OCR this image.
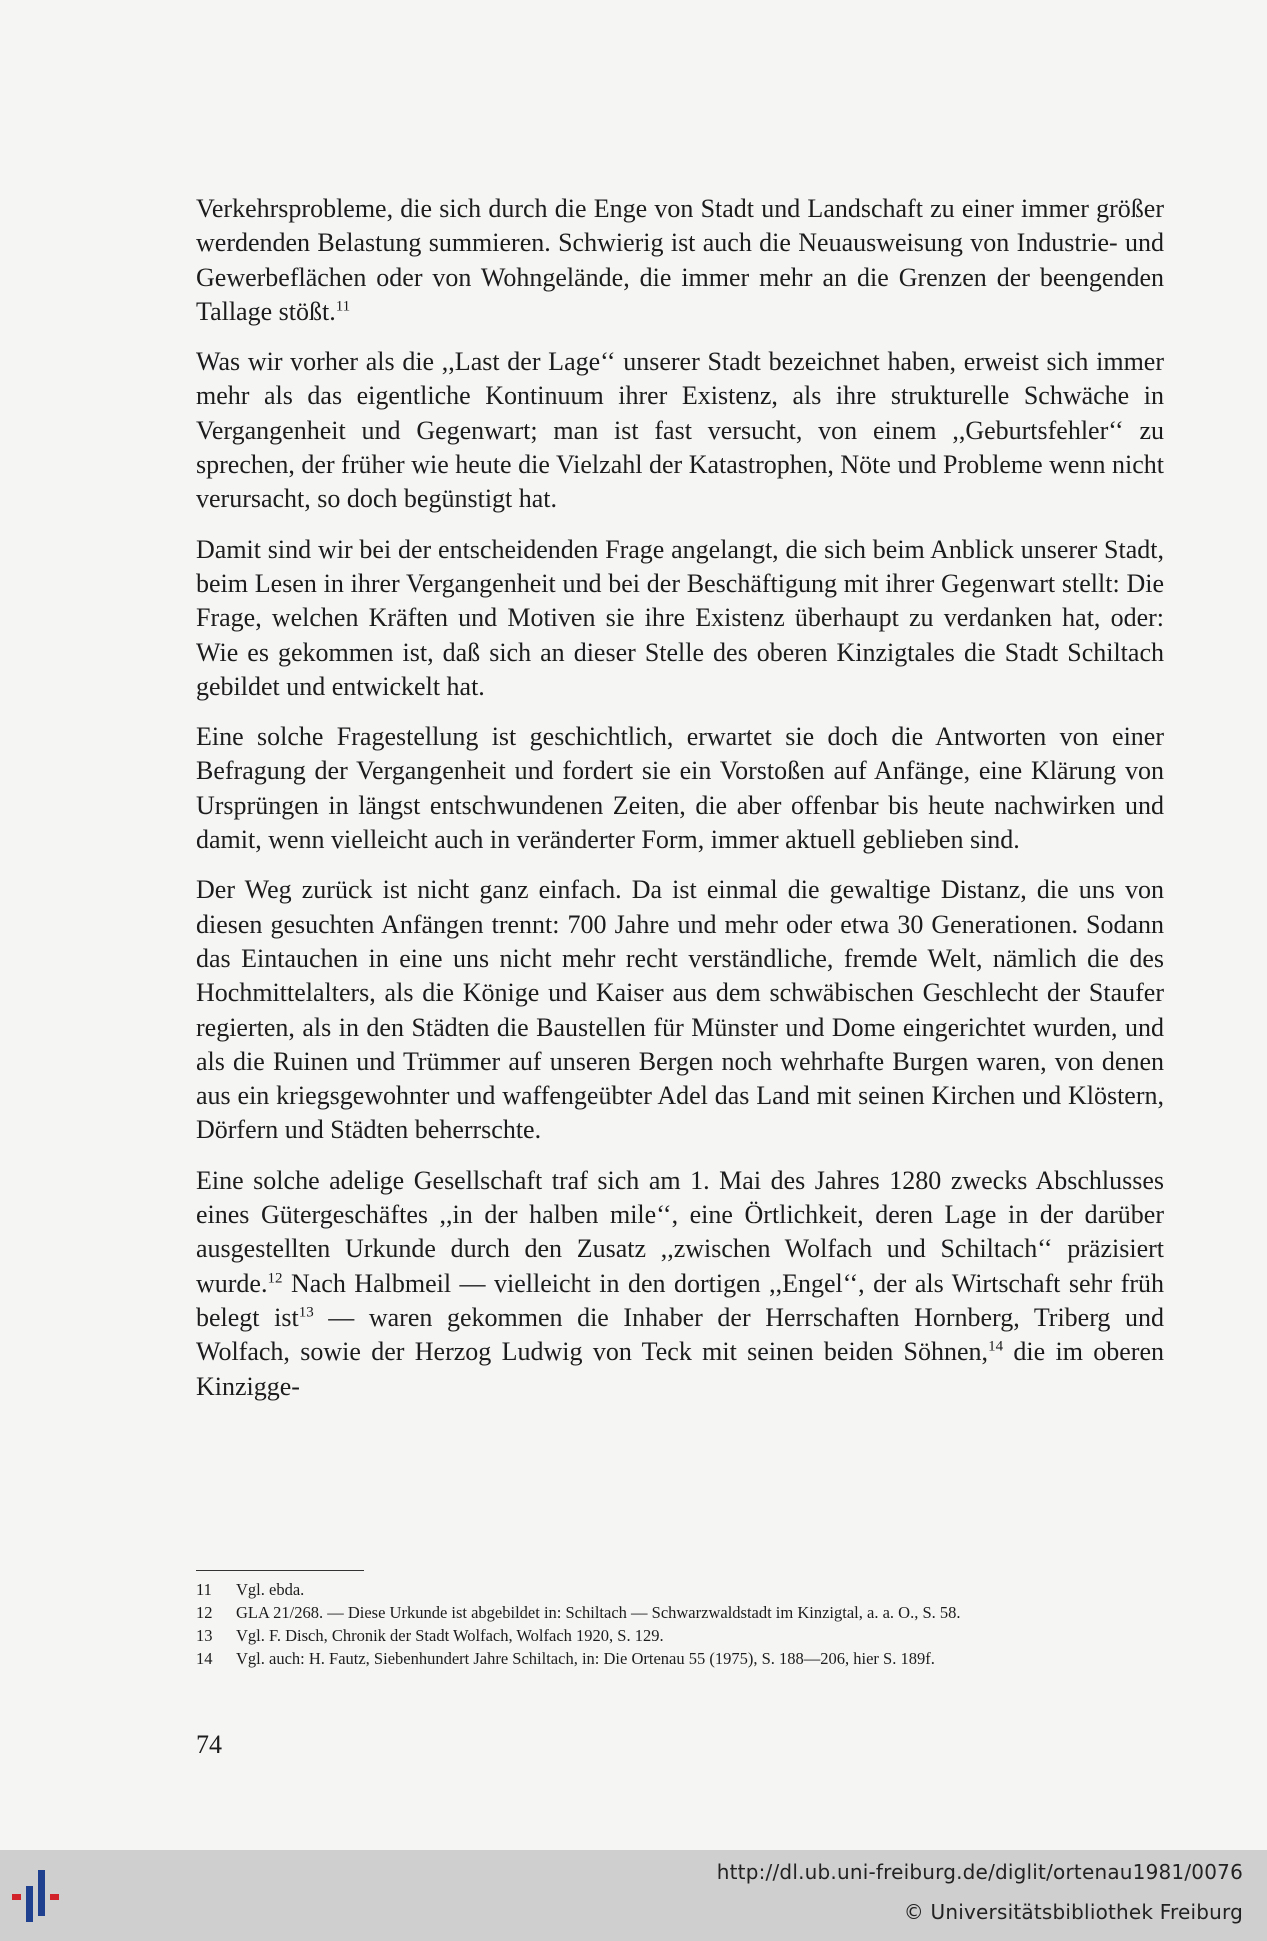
Verkehrsprobleme, die sich durch die Enge von Stadt und Landschaft zu einer immer größer werdenden Belastung summieren. Schwierig ist auch die Neuausweisung von Industrie- und Gewerbeflächen oder von Wohngelände, die immer mehr an die Grenzen der beengenden Tallage stößt.$^{11}$

Was wir vorher als die ,,Last der Lage‘‘ unserer Stadt bezeichnet haben, erweist sich immer mehr als das eigentliche Kontinuum ihrer Existenz, als ihre strukturelle Schwäche in Vergangenheit und Gegenwart; man ist fast versucht, von einem ,,Geburtsfehler‘‘ zu sprechen, der früher wie heute die Vielzahl der Katastrophen, Nöte und Probleme wenn nicht verursacht, so doch begünstigt hat.

Damit sind wir bei der entscheidenden Frage angelangt, die sich beim Anblick unserer Stadt, beim Lesen in ihrer Vergangenheit und bei der Beschäftigung mit ihrer Gegenwart stellt: Die Frage, welchen Kräften und Motiven sie ihre Existenz überhaupt zu verdanken hat, oder: Wie es gekommen ist, daß sich an dieser Stelle des oberen Kinzigtales die Stadt Schiltach gebildet und entwickelt hat.

Eine solche Fragestellung ist geschichtlich, erwartet sie doch die Antworten von einer Befragung der Vergangenheit und fordert sie ein Vorstoßen auf Anfänge, eine Klärung von Ursprüngen in längst entschwundenen Zeiten, die aber offenbar bis heute nachwirken und damit, wenn vielleicht auch in veränderter Form, immer aktuell geblieben sind.

Der Weg zurück ist nicht ganz einfach. Da ist einmal die gewaltige Distanz, die uns von diesen gesuchten Anfängen trennt: 700 Jahre und mehr oder etwa 30 Generationen. Sodann das Eintauchen in eine uns nicht mehr recht verständliche, fremde Welt, nämlich die des Hochmittelalters, als die Könige und Kaiser aus dem schwäbischen Geschlecht der Staufer regierten, als in den Städten die Baustellen für Münster und Dome eingerichtet wurden, und als die Ruinen und Trümmer auf unseren Bergen noch wehrhafte Burgen waren, von denen aus ein kriegsgewohnter und waffengeübter Adel das Land mit seinen Kirchen und Klöstern, Dörfern und Städten beherrschte.

Eine solche adelige Gesellschaft traf sich am 1. Mai des Jahres 1280 zwecks Abschlusses eines Gütergeschäftes ,,in der halben mile‘‘, eine Örtlichkeit, deren Lage in der darüber ausgestellten Urkunde durch den Zusatz ,,zwischen Wolfach und Schiltach‘‘ präzisiert wurde.$^{12}$ Nach Halbmeil — vielleicht in den dortigen ,,Engel‘‘, der als Wirtschaft sehr früh belegt ist$^{13}$ — waren gekommen die Inhaber der Herrschaften Hornberg, Triberg und Wolfach, sowie der Herzog Ludwig von Teck mit seinen beiden Söhnen,$^{14}$ die im oberen Kinzigge-

11	Vgl. ebda.
12	GLA 21/268. — Diese Urkunde ist abgebildet in: Schiltach — Schwarzwaldstadt im Kinzigtal, a. a. O., S. 58.
13	Vgl. F. Disch, Chronik der Stadt Wolfach, Wolfach 1920, S. 129.
14	Vgl. auch: H. Fautz, Siebenhundert Jahre Schiltach, in: Die Ortenau 55 (1975), S. 188—206, hier S. 189f.
74
http://dl.ub.uni-freiburg.de/diglit/ortenau1981/0076
© Universitätsbibliothek Freiburg
